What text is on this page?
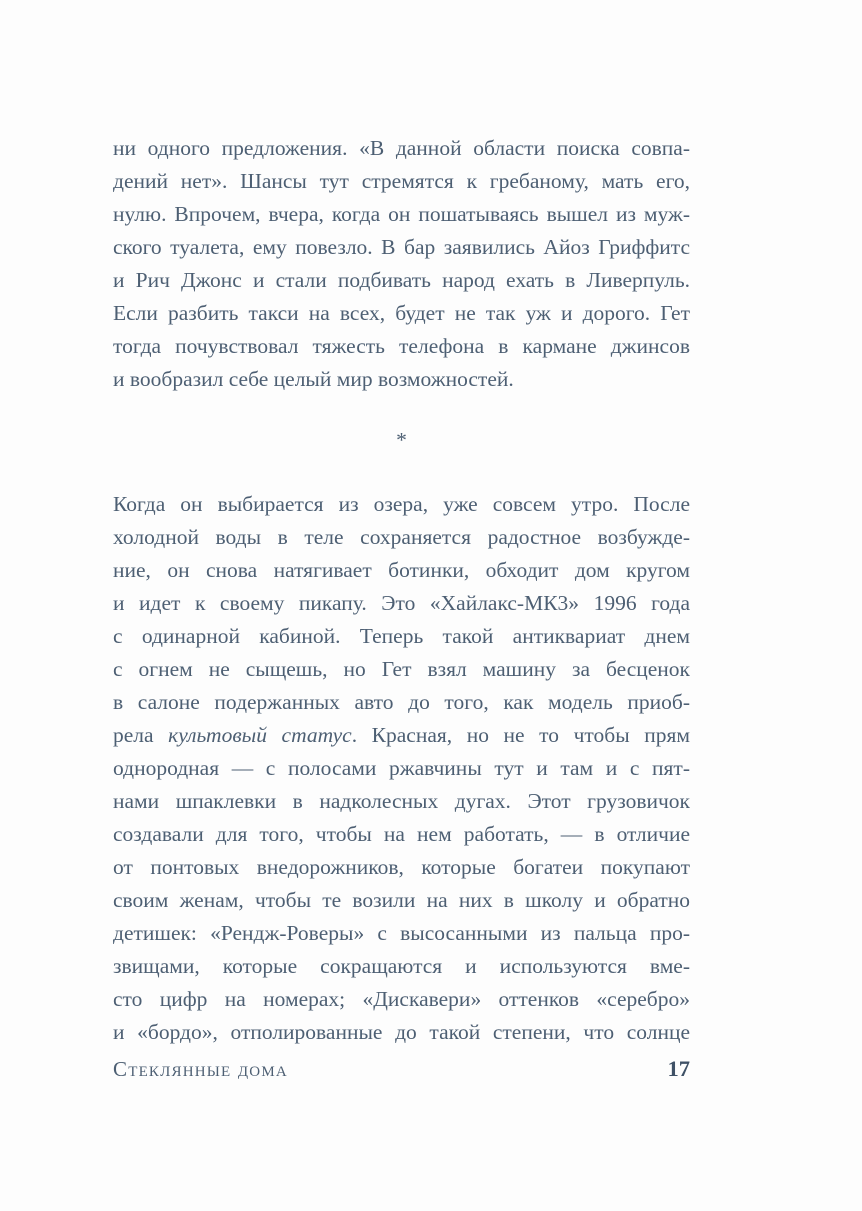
ни одного предложения. «В данной области поиска совпа-
дений нет». Шансы тут стремятся к гребаному, мать его,
нулю. Впрочем, вчера, когда он пошатываясь вышел из муж-
ского туалета, ему повезло. В бар заявились Айоз Гриффитс
и Рич Джонс и стали подбивать народ ехать в Ливерпуль.
Если разбить такси на всех, будет не так уж и дорого. Гет
тогда почувствовал тяжесть телефона в кармане джинсов
и вообразил себе целый мир возможностей.
*
Когда он выбирается из озера, уже совсем утро. После
холодной воды в теле сохраняется радостное возбужде-
ние, он снова натягивает ботинки, обходит дом кругом
и идет к своему пикапу. Это «Хайлакс-МК3» 1996 года
с одинарной кабиной. Теперь такой антиквариат днем
с огнем не сыщешь, но Гет взял машину за бесценок
в салоне подержанных авто до того, как модель приоб-
рела культовый статус. Красная, но не то чтобы прям
однородная — с полосами ржавчины тут и там и с пят-
нами шпаклевки в надколесных дугах. Этот грузовичок
создавали для того, чтобы на нем работать, — в отличие
от понтовых внедорожников, которые богатеи покупают
своим женам, чтобы те возили на них в школу и обратно
детишек: «Рендж-Роверы» с высосанными из пальца про-
звищами, которые сокращаются и используются вме-
сто цифр на номерах; «Дискавери» оттенков «серебро»
и «бордо», отполированные до такой степени, что солнце
Стеклянные дома	17
